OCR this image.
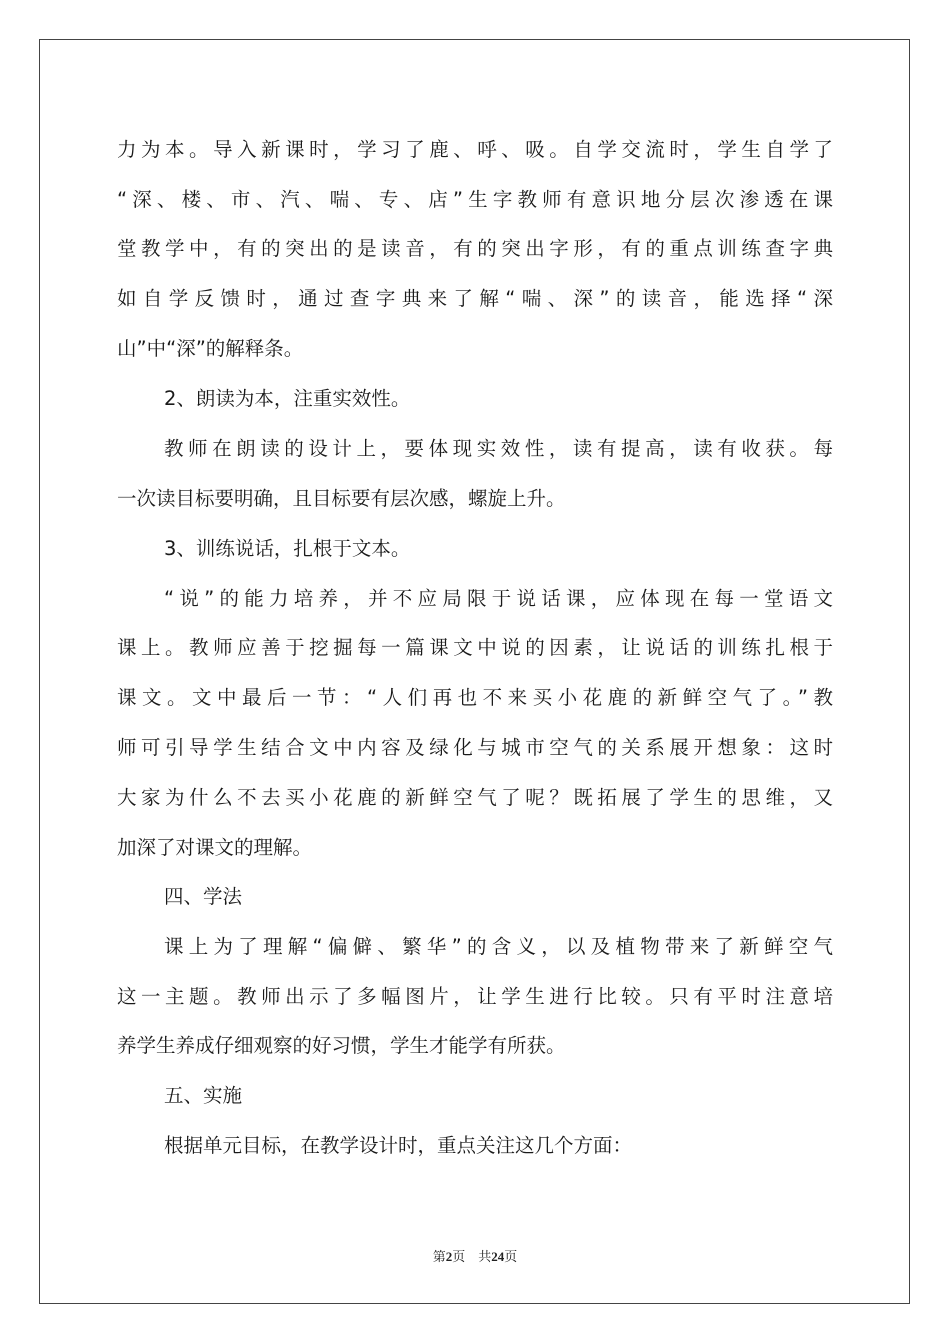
力为本。导入新课时，学习了鹿、呼、吸。自学交流时，学生自学了
“深、楼、市、汽、喘、专、店”生字教师有意识地分层次渗透在课
堂教学中，有的突出的是读音，有的突出字形，有的重点训练查字典
如自学反馈时，通过查字典来了解“喘、深”的读音，能选择“深
山”中“深”的解释条。
2、朗读为本，注重实效性。
教师在朗读的设计上，要体现实效性，读有提高，读有收获。每
一次读目标要明确，且目标要有层次感，螺旋上升。
3、训练说话，扎根于文本。
“说”的能力培养，并不应局限于说话课，应体现在每一堂语文
课上。教师应善于挖掘每一篇课文中说的因素，让说话的训练扎根于
课文。文中最后一节：“人们再也不来买小花鹿的新鲜空气了。”教
师可引导学生结合文中内容及绿化与城市空气的关系展开想象：这时
大家为什么不去买小花鹿的新鲜空气了呢？既拓展了学生的思维，又
加深了对课文的理解。
四、学法
课上为了理解“偏僻、繁华”的含义，以及植物带来了新鲜空气
这一主题。教师出示了多幅图片，让学生进行比较。只有平时注意培
养学生养成仔细观察的好习惯，学生才能学有所获。
五、实施
根据单元目标，在教学设计时，重点关注这几个方面：
第2页　共24页
